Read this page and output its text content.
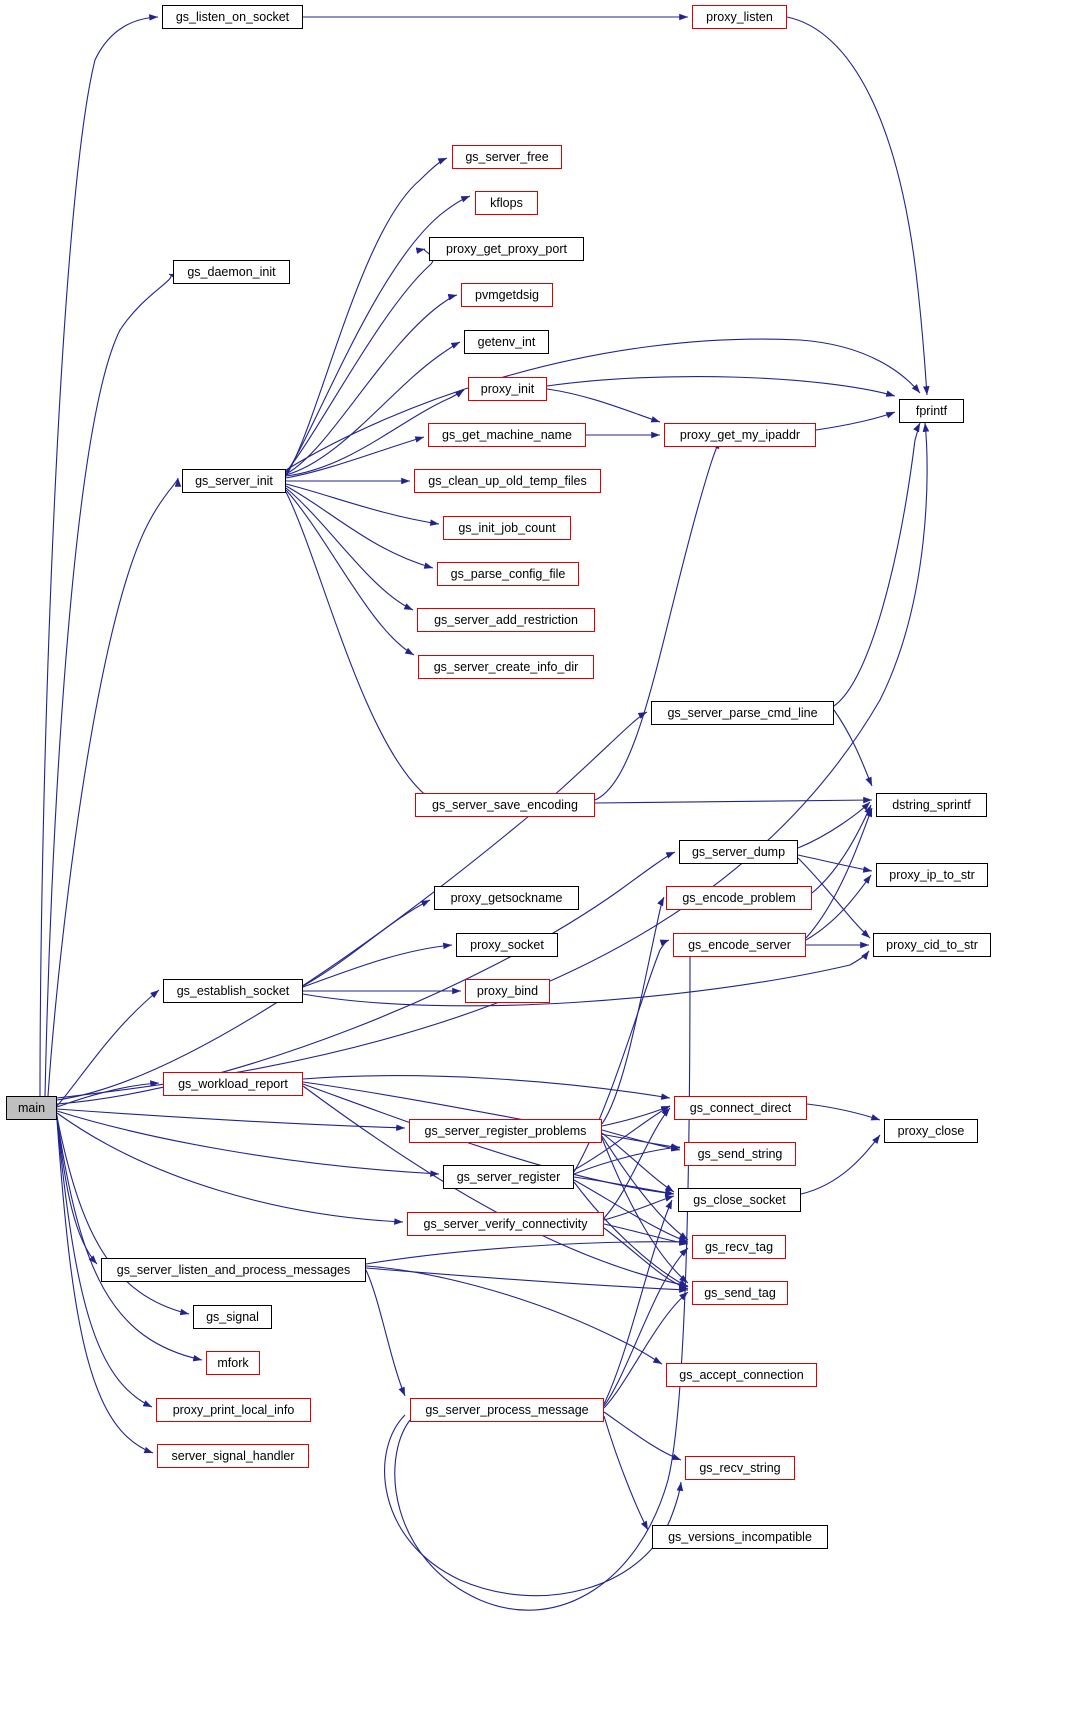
main
gs_listen_on_socket	proxy_listen
gs_server_free
kflops
proxy_get_proxy_port
gs_daemon_init
pvmgetdsig
getenv_int
proxy_init
fprintf
gs_get_machine_name	proxy_get_my_ipaddr
gs_server_init	gs_clean_up_old_temp_files
gs_init_job_count
gs_parse_config_file
gs_server_add_restriction
gs_server_create_info_dir
gs_server_parse_cmd_line
gs_server_save_encoding	dstring_sprintf
gs_server_dump
proxy_ip_to_str
proxy_getsockname	gs_encode_problem
proxy_socket	gs_encode_server	proxy_cid_to_str
gs_establish_socket	proxy_bind
gs_workload_report
gs_connect_direct
proxy_close
gs_server_register_problems
gs_send_string
gs_server_register
gs_close_socket
gs_server_verify_connectivity
gs_recv_tag
gs_server_listen_and_process_messages
gs_send_tag
gs_signal
mfork
gs_accept_connection
gs_server_process_message
proxy_print_local_info
server_signal_handler
gs_recv_string
gs_versions_incompatible
